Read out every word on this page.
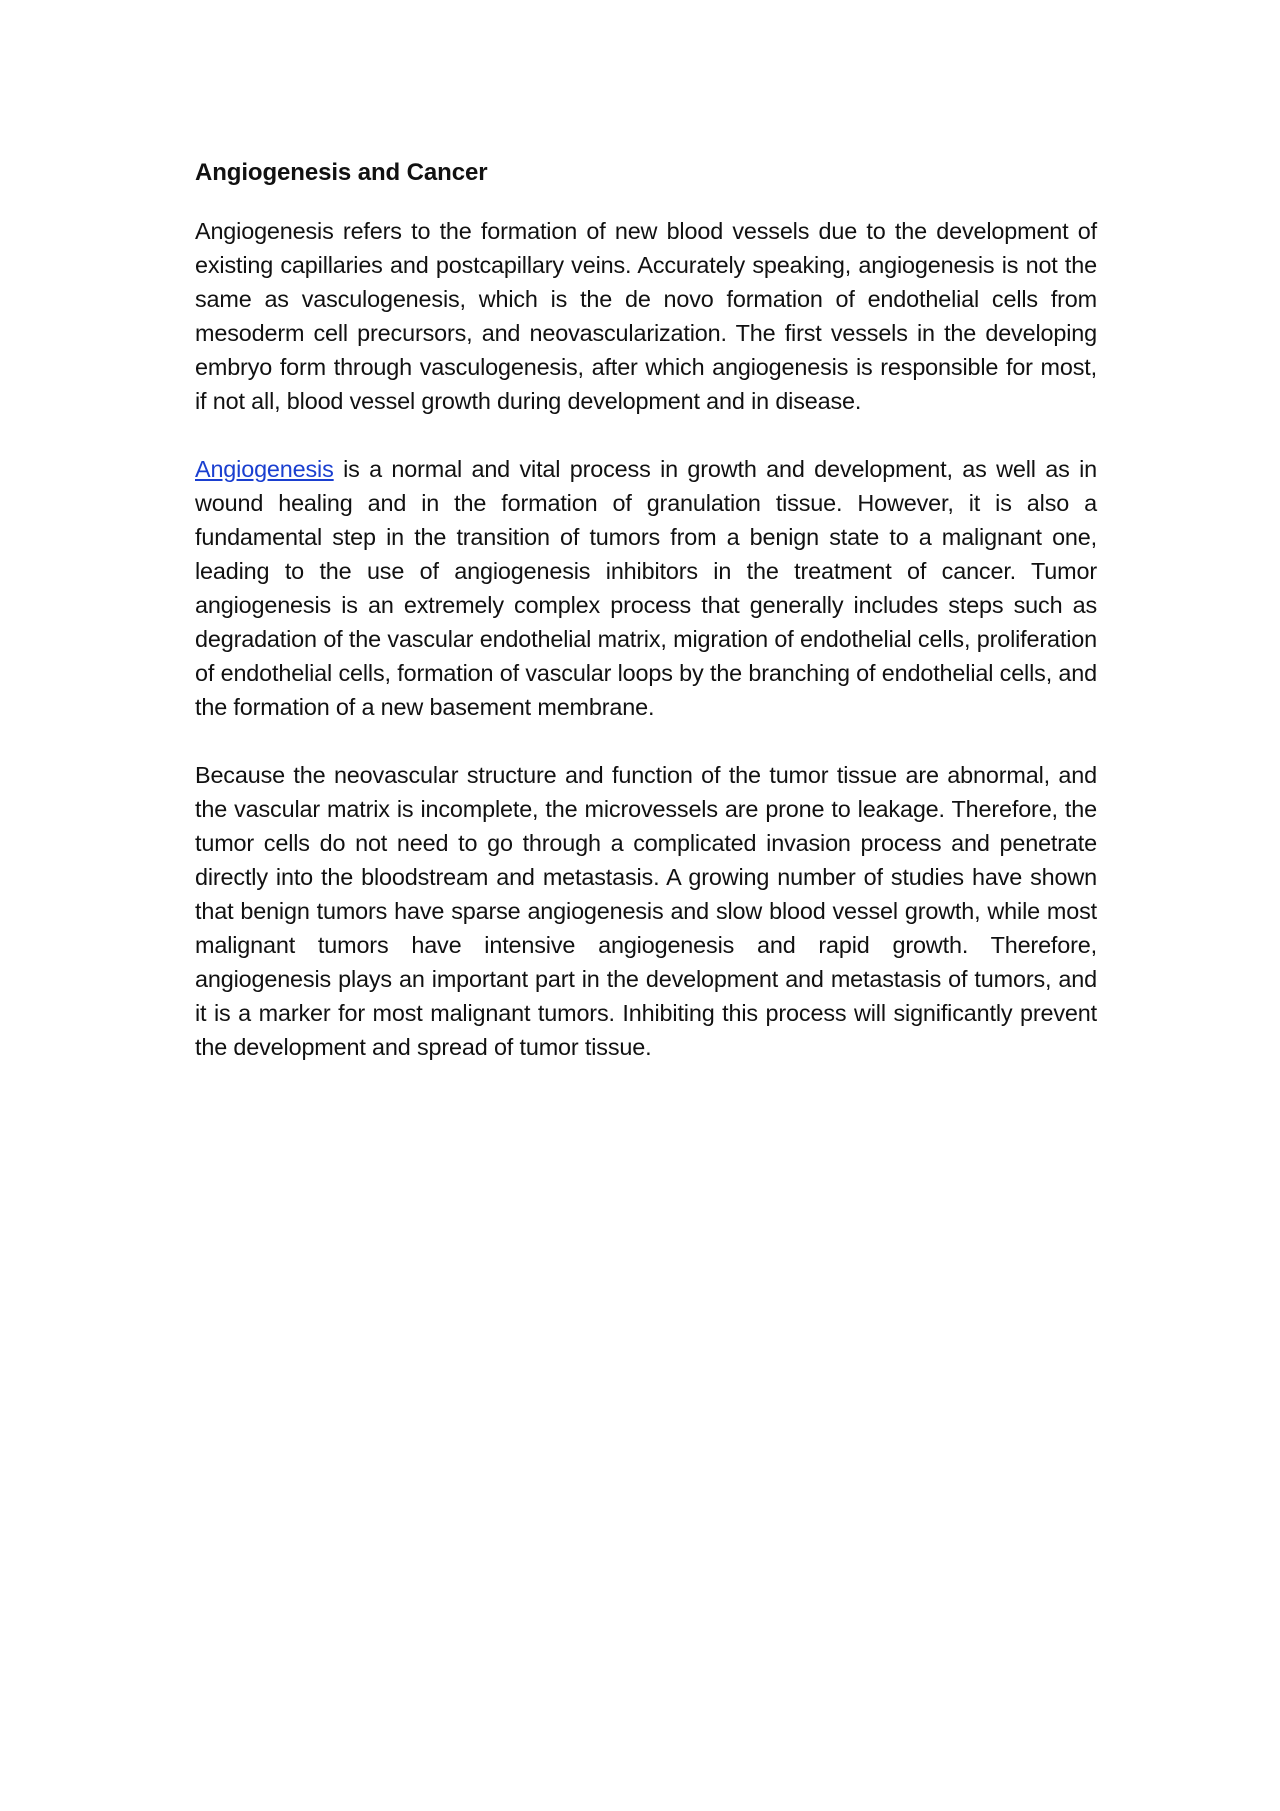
Angiogenesis and Cancer

Angiogenesis refers to the formation of new blood vessels due to the development of existing capillaries and postcapillary veins. Accurately speaking, angiogenesis is not the same as vasculogenesis, which is the de novo formation of endothelial cells from mesoderm cell precursors, and neovascularization. The first vessels in the developing embryo form through vasculogenesis, after which angiogenesis is responsible for most, if not all, blood vessel growth during development and in disease.

Angiogenesis is a normal and vital process in growth and development, as well as in wound healing and in the formation of granulation tissue. However, it is also a fundamental step in the transition of tumors from a benign state to a malignant one, leading to the use of angiogenesis inhibitors in the treatment of cancer. Tumor angiogenesis is an extremely complex process that generally includes steps such as degradation of the vascular endothelial matrix, migration of endothelial cells, proliferation of endothelial cells, formation of vascular loops by the branching of endothelial cells, and the formation of a new basement membrane.

Because the neovascular structure and function of the tumor tissue are abnormal, and the vascular matrix is incomplete, the microvessels are prone to leakage. Therefore, the tumor cells do not need to go through a complicated invasion process and penetrate directly into the bloodstream and metastasis. A growing number of studies have shown that benign tumors have sparse angiogenesis and slow blood vessel growth, while most malignant tumors have intensive angiogenesis and rapid growth. Therefore, angiogenesis plays an important part in the development and metastasis of tumors, and it is a marker for most malignant tumors. Inhibiting this process will significantly prevent the development and spread of tumor tissue.
